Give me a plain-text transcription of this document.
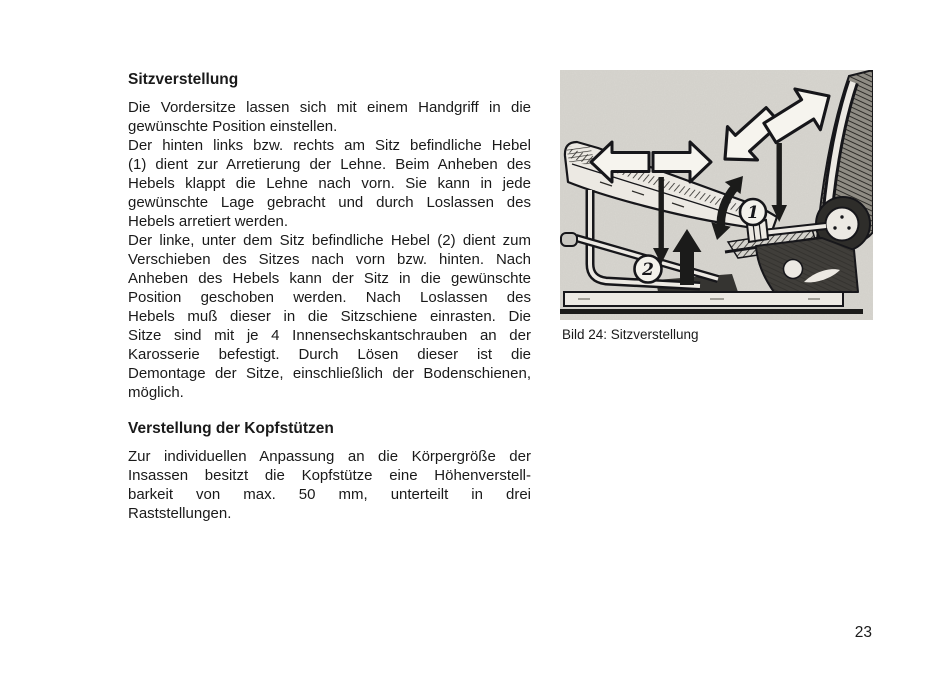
Sitzverstellung

Die Vordersitze lassen sich mit einem Handgriff in die
gewünschte Position einstellen.
Der hinten links bzw. rechts am Sitz befindliche Hebel
(1) dient zur Arretierung der Lehne. Beim Anheben des
Hebels klappt die Lehne nach vorn. Sie kann in jede
gewünschte Lage gebracht und durch Loslassen des
Hebels arretiert werden.
Der linke, unter dem Sitz befindliche Hebel (2) dient zum
Verschieben des Sitzes nach vorn bzw. hinten. Nach
Anheben des Hebels kann der Sitz in die gewünschte
Position geschoben werden. Nach Loslassen des
Hebels muß dieser in die Sitzschiene einrasten. Die
Sitze sind mit je 4 Innensechskantschrauben an der
Karosserie befestigt. Durch Lösen dieser ist die
Demontage der Sitze, einschließlich der Bodenschienen,
möglich.

Verstellung der Kopfstützen

Zur individuellen Anpassung an die Körpergröße der
Insassen besitzt die Kopfstütze eine Höhenverstell-
barkeit von max. 50 mm, unterteilt in drei
Raststellungen.
2
1
Bild 24: Sitzverstellung
23
